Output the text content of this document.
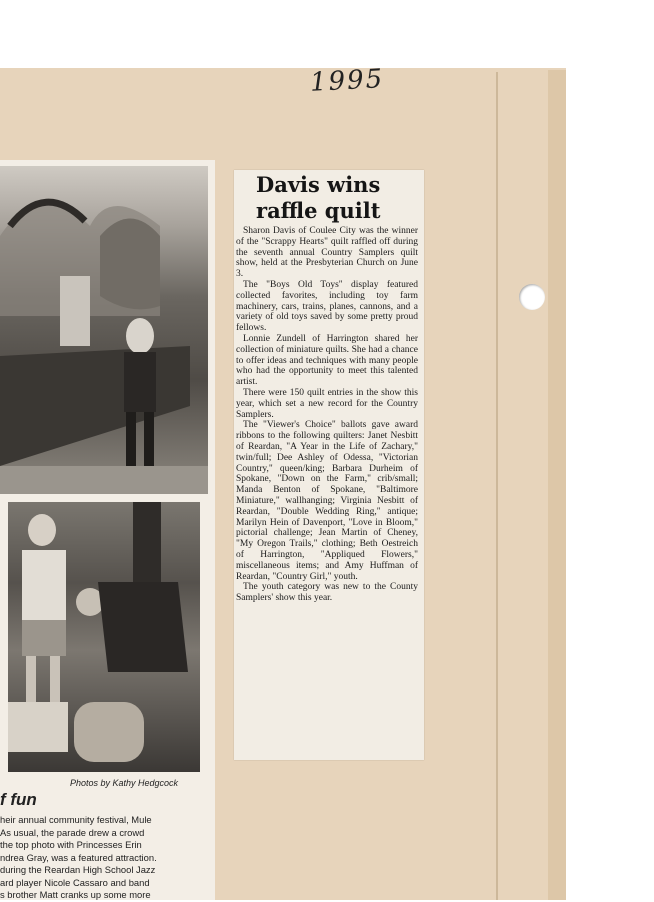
1995
Photos by Kathy Hedgcock
f fun
heir annual community festival, Mule
As usual, the parade drew a crowd
the top photo with Princesses Erin
ndrea Gray, was a featured attraction.
during the Reardan High School Jazz
ard player Nicole Cassaro and band
s brother Matt cranks up some more
Davis wins raffle quilt

Sharon Davis of Coulee City was the winner of the "Scrappy Hearts" quilt raffled off during the seventh annual Country Samplers quilt show, held at the Presbyterian Church on June 3.

The "Boys Old Toys" display featured collected favorites, including toy farm machinery, cars, trains, planes, cannons, and a variety of old toys saved by some pretty proud fellows.

Lonnie Zundell of Harrington shared her collection of miniature quilts. She had a chance to offer ideas and techniques with many people who had the opportunity to meet this talented artist.

There were 150 quilt entries in the show this year, which set a new record for the Country Samplers.

The "Viewer's Choice" ballots gave award ribbons to the following quilters: Janet Nesbitt of Reardan, "A Year in the Life of Zachary," twin/full; Dee Ashley of Odessa, "Victorian Country," queen/king; Barbara Durheim of Spokane, "Down on the Farm," crib/small; Manda Benton of Spokane, "Baltimore Miniature," wallhanging; Virginia Nesbitt of Reardan, "Double Wedding Ring," antique; Marilyn Hein of Davenport, "Love in Bloom," pictorial challenge; Jean Martin of Cheney, "My Oregon Trails," clothing; Beth Oestreich of Harrington, "Appliqued Flowers," miscellaneous items; and Amy Huffman of Reardan, "Country Girl," youth.

The youth category was new to the County Samplers' show this year.
